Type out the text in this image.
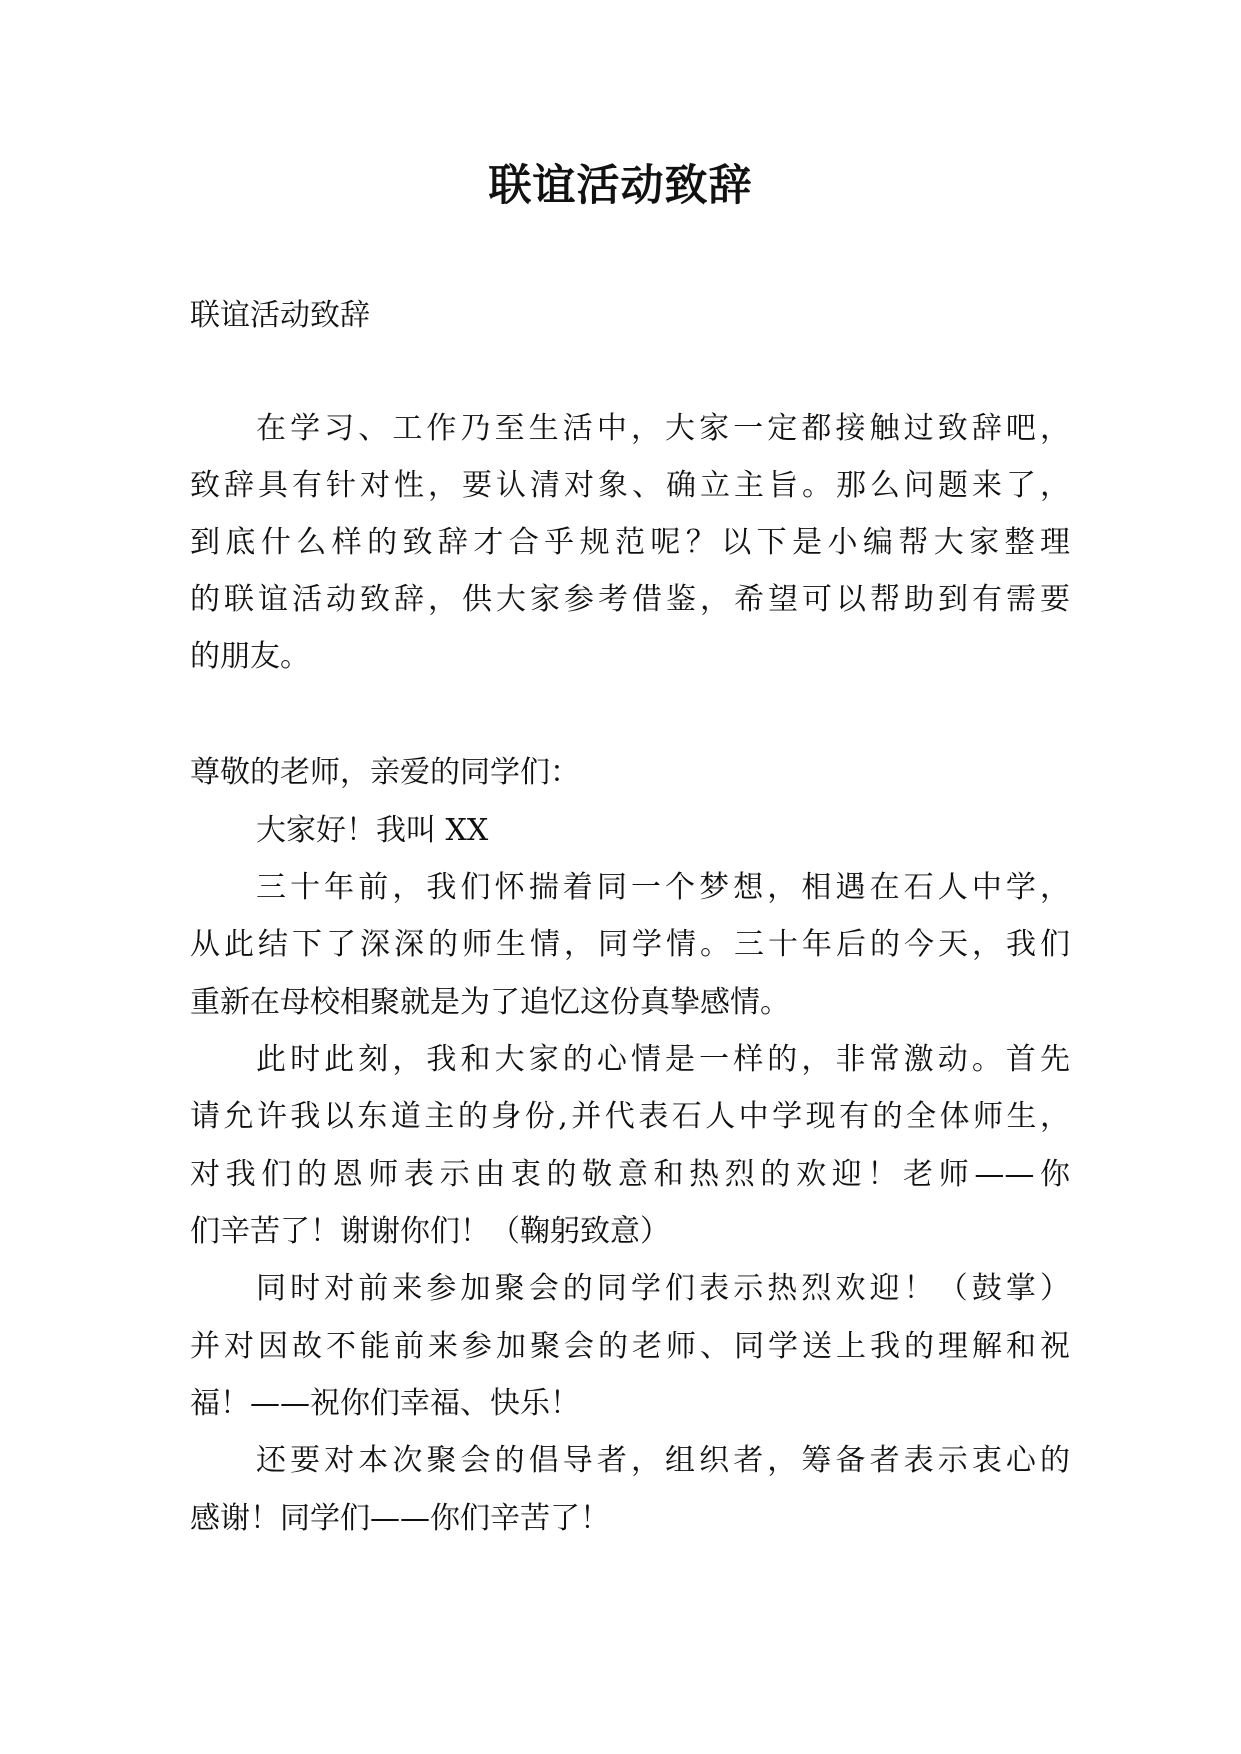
联谊活动致辞
联谊活动致辞
在学习、工作乃至生活中，大家一定都接触过致辞吧，
致辞具有针对性，要认清对象、确立主旨。那么问题来了，
到底什么样的致辞才合乎规范呢？以下是小编帮大家整理
的联谊活动致辞，供大家参考借鉴，希望可以帮助到有需要
的朋友。
尊敬的老师，亲爱的同学们：
大家好！我叫 XX
三十年前，我们怀揣着同一个梦想，相遇在石人中学，
从此结下了深深的师生情，同学情。三十年后的今天，我们
重新在母校相聚就是为了追忆这份真挚感情。
此时此刻，我和大家的心情是一样的，非常激动。首先
请允许我以东道主的身份,并代表石人中学现有的全体师生，
对我们的恩师表示由衷的敬意和热烈的欢迎！老师——你
们辛苦了！谢谢你们！（鞠躬致意）
同时对前来参加聚会的同学们表示热烈欢迎！（鼓掌）
并对因故不能前来参加聚会的老师、同学送上我的理解和祝
福！——祝你们幸福、快乐！
还要对本次聚会的倡导者，组织者，筹备者表示衷心的
感谢！同学们——你们辛苦了！
